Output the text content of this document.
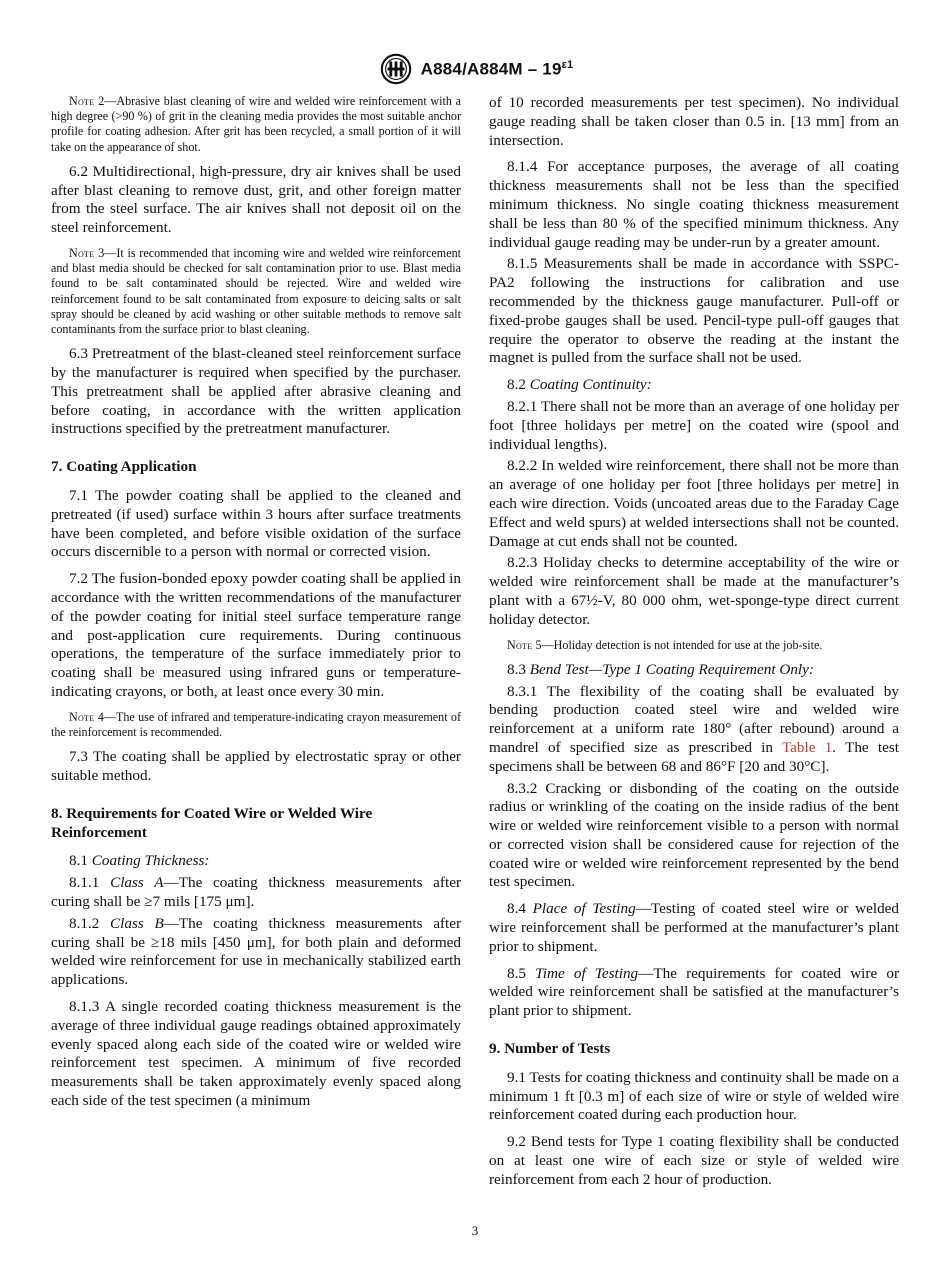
$A884/A884M - 19^{\varepsilon 1}$
Note 2—Abrasive blast cleaning of wire and welded wire reinforcement with a high degree (>90 %) of grit in the cleaning media provides the most suitable anchor profile for coating adhesion. After grit has been recycled, a small portion of it will take on the appearance of shot.

6.2 Multidirectional, high-pressure, dry air knives shall be used after blast cleaning to remove dust, grit, and other foreign matter from the steel surface. The air knives shall not deposit oil on the steel reinforcement.

Note 3—It is recommended that incoming wire and welded wire reinforcement and blast media should be checked for salt contamination prior to use. Blast media found to be salt contaminated should be rejected. Wire and welded wire reinforcement found to be salt contaminated from exposure to deicing salts or salt spray should be cleaned by acid washing or other suitable methods to remove salt contaminants from the surface prior to blast cleaning.

6.3 Pretreatment of the blast-cleaned steel reinforcement surface by the manufacturer is required when specified by the purchaser. This pretreatment shall be applied after abrasive cleaning and before coating, in accordance with the written application instructions specified by the pretreatment manufacturer.

7. Coating Application

7.1 The powder coating shall be applied to the cleaned and pretreated (if used) surface within 3 hours after surface treatments have been completed, and before visible oxidation of the surface occurs discernible to a person with normal or corrected vision.

7.2 The fusion-bonded epoxy powder coating shall be applied in accordance with the written recommendations of the manufacturer of the powder coating for initial steel surface temperature range and post-application cure requirements. During continuous operations, the temperature of the surface immediately prior to coating shall be measured using infrared guns or temperature-indicating crayons, or both, at least once every 30 min.

Note 4—The use of infrared and temperature-indicating crayon measurement of the reinforcement is recommended.

7.3 The coating shall be applied by electrostatic spray or other suitable method.

8. Requirements for Coated Wire or Welded Wire Reinforcement

8.1 Coating Thickness:

8.1.1 Class A—The coating thickness measurements after curing shall be ≥7 mils [175 μm].

8.1.2 Class B—The coating thickness measurements after curing shall be ≥18 mils [450 μm], for both plain and deformed welded wire reinforcement for use in mechanically stabilized earth applications.

8.1.3 A single recorded coating thickness measurement is the average of three individual gauge readings obtained approximately evenly spaced along each side of the coated wire or welded wire reinforcement test specimen. A minimum of five recorded measurements shall be taken approximately evenly spaced along each side of the test specimen (a minimum

of 10 recorded measurements per test specimen). No individual gauge reading shall be taken closer than 0.5 in. [13 mm] from an intersection.

8.1.4 For acceptance purposes, the average of all coating thickness measurements shall not be less than the specified minimum thickness. No single coating thickness measurement shall be less than 80 % of the specified minimum thickness. Any individual gauge reading may be under-run by a greater amount.

8.1.5 Measurements shall be made in accordance with SSPC-PA2 following the instructions for calibration and use recommended by the thickness gauge manufacturer. Pull-off or fixed-probe gauges shall be used. Pencil-type pull-off gauges that require the operator to observe the reading at the instant the magnet is pulled from the surface shall not be used.

8.2 Coating Continuity:

8.2.1 There shall not be more than an average of one holiday per foot [three holidays per metre] on the coated wire (spool and individual lengths).

8.2.2 In welded wire reinforcement, there shall not be more than an average of one holiday per foot [three holidays per metre] in each wire direction. Voids (uncoated areas due to the Faraday Cage Effect and weld spurs) at welded intersections shall not be counted. Damage at cut ends shall not be counted.

8.2.3 Holiday checks to determine acceptability of the wire or welded wire reinforcement shall be made at the manufacturer’s plant with a 67½-V, 80 000 ohm, wet-sponge-type direct current holiday detector.

Note 5—Holiday detection is not intended for use at the job-site.

8.3 Bend Test—Type 1 Coating Requirement Only:

8.3.1 The flexibility of the coating shall be evaluated by bending production coated steel wire and welded wire reinforcement at a uniform rate 180° (after rebound) around a mandrel of specified size as prescribed in Table 1. The test specimens shall be between 68 and 86°F [20 and 30°C].

8.3.2 Cracking or disbonding of the coating on the outside radius or wrinkling of the coating on the inside radius of the bent wire or welded wire reinforcement visible to a person with normal or corrected vision shall be considered cause for rejection of the coated wire or welded wire reinforcement represented by the bend test specimen.

8.4 Place of Testing—Testing of coated steel wire or welded wire reinforcement shall be performed at the manufacturer’s plant prior to shipment.

8.5 Time of Testing—The requirements for coated wire or welded wire reinforcement shall be satisfied at the manufacturer’s plant prior to shipment.

9. Number of Tests

9.1 Tests for coating thickness and continuity shall be made on a minimum 1 ft [0.3 m] of each size of wire or style of welded wire reinforcement coated during each production hour.

9.2 Bend tests for Type 1 coating flexibility shall be conducted on at least one wire of each size or style of welded wire reinforcement from each 2 hour of production.

3
